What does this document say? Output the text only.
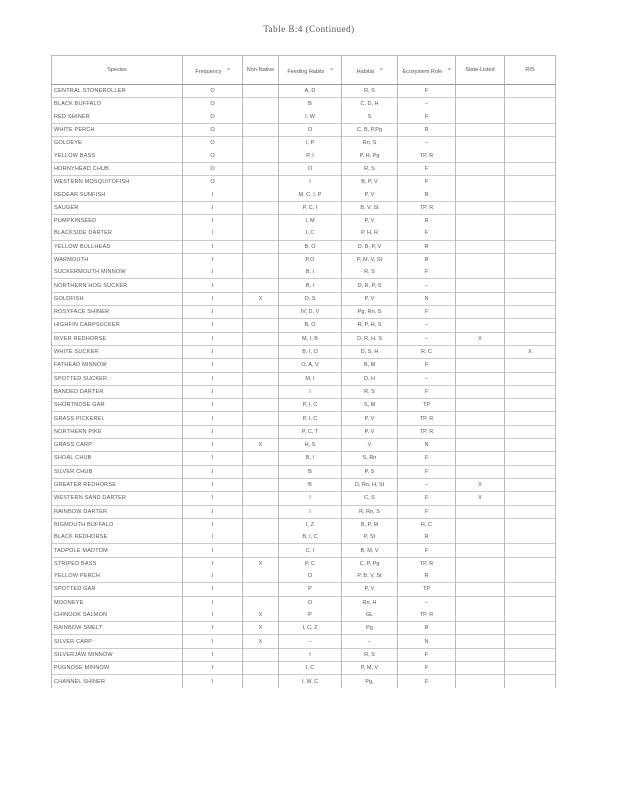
Table B:4 (Continued)
Species	Frequency$^a$	Non-Native	Feeding Habits$^a$	Habitat$^a$	Ecosystem Role$^a$	State-Listed	RIS
CENTRAL STONEROLLER	O		A, D	R, S	F		
BLACK BUFFALO	O		B	C, D, H	–		
RED SHINER	O		I, W	S	F		
WHITE PERCH	O		O	C, B, P,Pg	R		
GOLDEYE	O		I, P	Rn, S	–		
YELLOW BASS	O		P, I	P, H, Pg	TP, R		
HORNYHEAD CHUB	O		O	R, S	F		
WESTERN MOSQUITOFISH	O		I	B, P, V	F		
REDEAR SUNFISH	I		M, C, I, P	P, V	R		
SAUGER	I		P, C, I	B, V, St	TP, R		
PUMPKINSEED	I		I, M	P, V	R		
BLACKSIDE DARTER	I		I, C	P, H, R	F		
YELLOW BULLHEAD	I		B, O	D, B, P, V	R		
WARMOUTH	I		P,O	P, M, V, St	R		
SUCKERMOUTH MINNOW	I		B, I	R, S	F		
NORTHERN HOG SUCKER	I		B, I	D, R, P, S	–		
GOLDFISH	I	X	O, S	P, V	N		
ROSYFACE SHINER	I		IV, D, V	Pg, Rn, S	F		
HIGHFIN CARPSUCKER	I		B, O	R, P, H, S	–		
RIVER REDHORSE	I		M, I, B	D, R, H, S	–	X	
WHITE SUCKER	I		B, I, O	D, S, H	R, C		X
FATHEAD MINNOW	I		O, A, V	B, M	F		
SPOTTED SUCKER	I		M, I	D, H	–		
BANDED DARTER	I		I	R, S	F		
SHORTNOSE GAR	I		P, I, C	S, M	TP		
GRASS PICKEREL	I		P, I, C	P, V	TP, R		
NORTHERN PIKE	I		P, C, T	P, V	TP, R		
GRASS CARP	I	X	H, S	V	N		
SHOAL CHUB	I		B, I	S, Rn	F		
SILVER CHUB	I		B	P, S	F		
GREATER REDHORSE	I		B	D, Rn, H, St	–	X	
WESTERN SAND DARTER	I		I	C, S	F	X	
RAINBOW DARTER	I		I	R, Rn, S	F		
BIGMOUTH BUFFALO	I		I, Z	B, P, M	R, C		
BLACK REDHORSE	I		B, I, C	P, St	R		
TADPOLE MADTOM	I		C, I	B, M, V	F		
STRIPED BASS	I	X	P, C	C, P, Pg	TP, R		
YELLOW PERCH	I		O	P, B, V, St	R		
SPOTTED GAR	I		P	P, V	TP		
MOONEYE	I		O	Rn, H	–		
CHINOOK SALMON	I	X	P	GL	TP, R		
RAINBOW SMELT	I	X	I, C, Z	Pg	R		
SILVER CARP	I	X	–	–	N		
SILVERJAW MINNOW	I		I	R, S	F		
PUGNOSE MINNOW	I		I, C	P, M, V	F		
CHANNEL SHINER	I		I, W, C	Pg,	F		
